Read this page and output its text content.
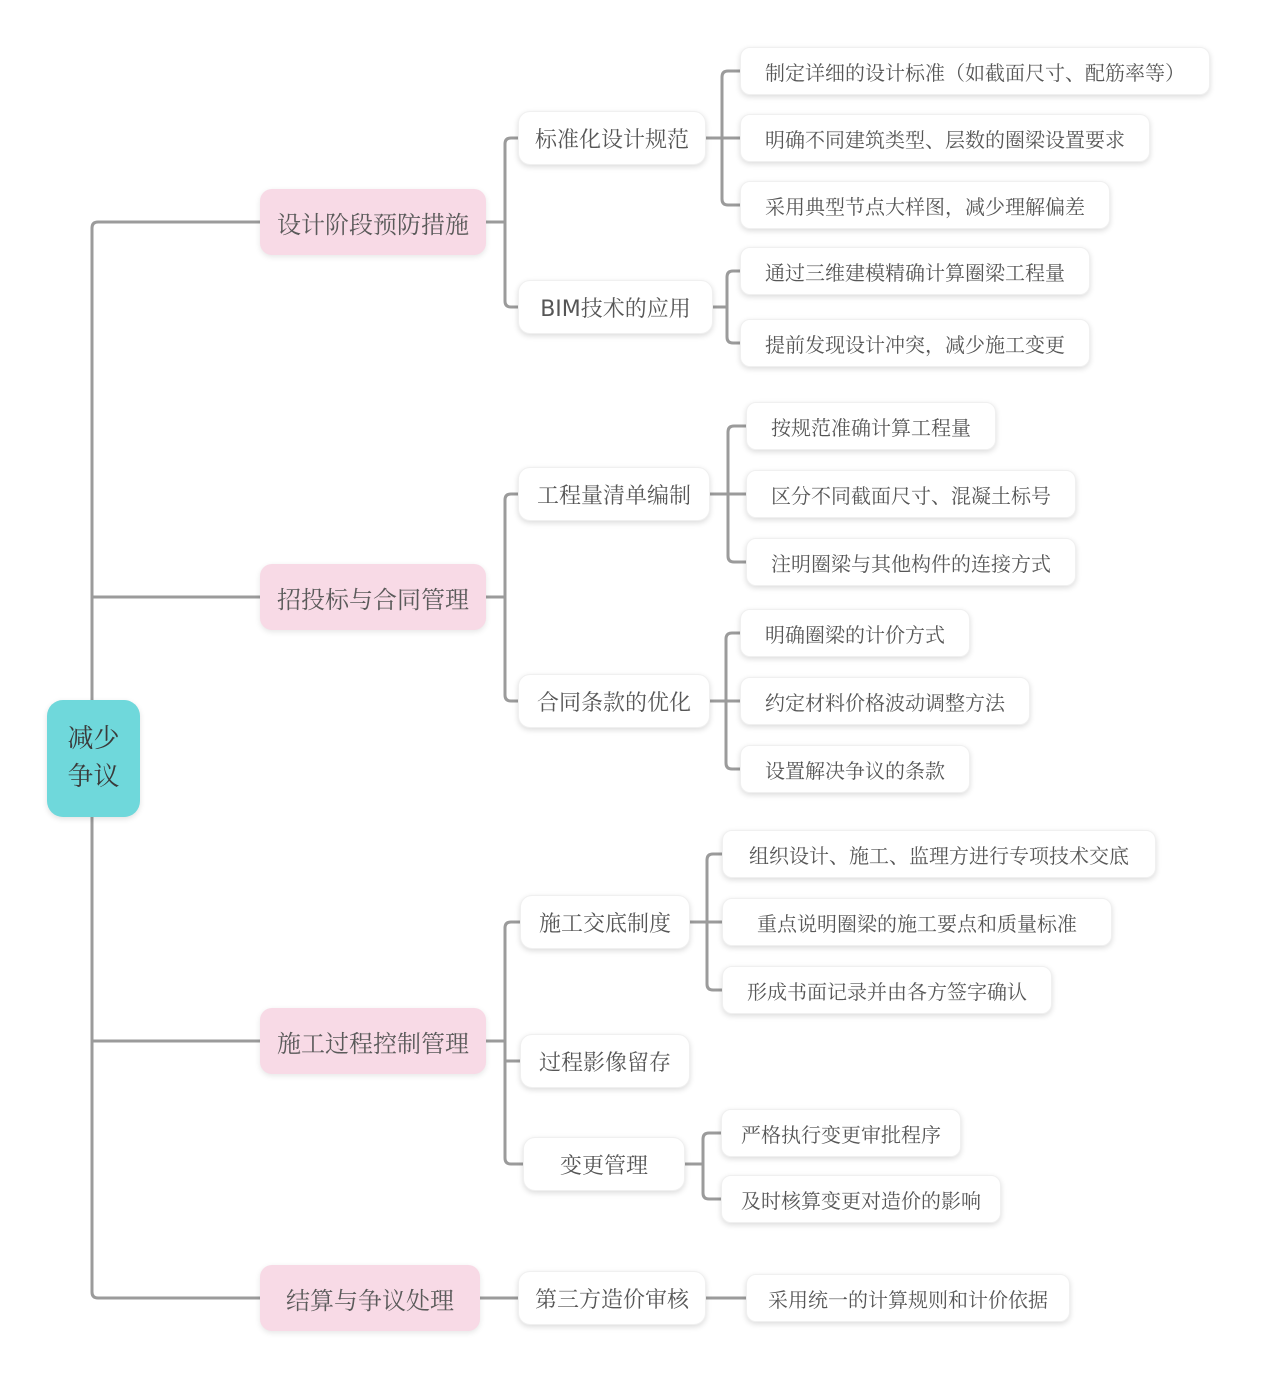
减少
争议
设计阶段预防措施
招投标与合同管理
施工过程控制管理
结算与争议处理
标准化设计规范
BIM技术的应用
工程量清单编制
合同条款的优化
施工交底制度
过程影像留存
变更管理
第三方造价审核
制定详细的设计标准（如截面尺寸、配筋率等）
明确不同建筑类型、层数的圈梁设置要求
采用典型节点大样图，减少理解偏差
通过三维建模精确计算圈梁工程量
提前发现设计冲突，减少施工变更
按规范准确计算工程量
区分不同截面尺寸、混凝土标号
注明圈梁与其他构件的连接方式
明确圈梁的计价方式
约定材料价格波动调整方法
设置解决争议的条款
组织设计、施工、监理方进行专项技术交底
重点说明圈梁的施工要点和质量标准
形成书面记录并由各方签字确认
严格执行变更审批程序
及时核算变更对造价的影响
采用统一的计算规则和计价依据
